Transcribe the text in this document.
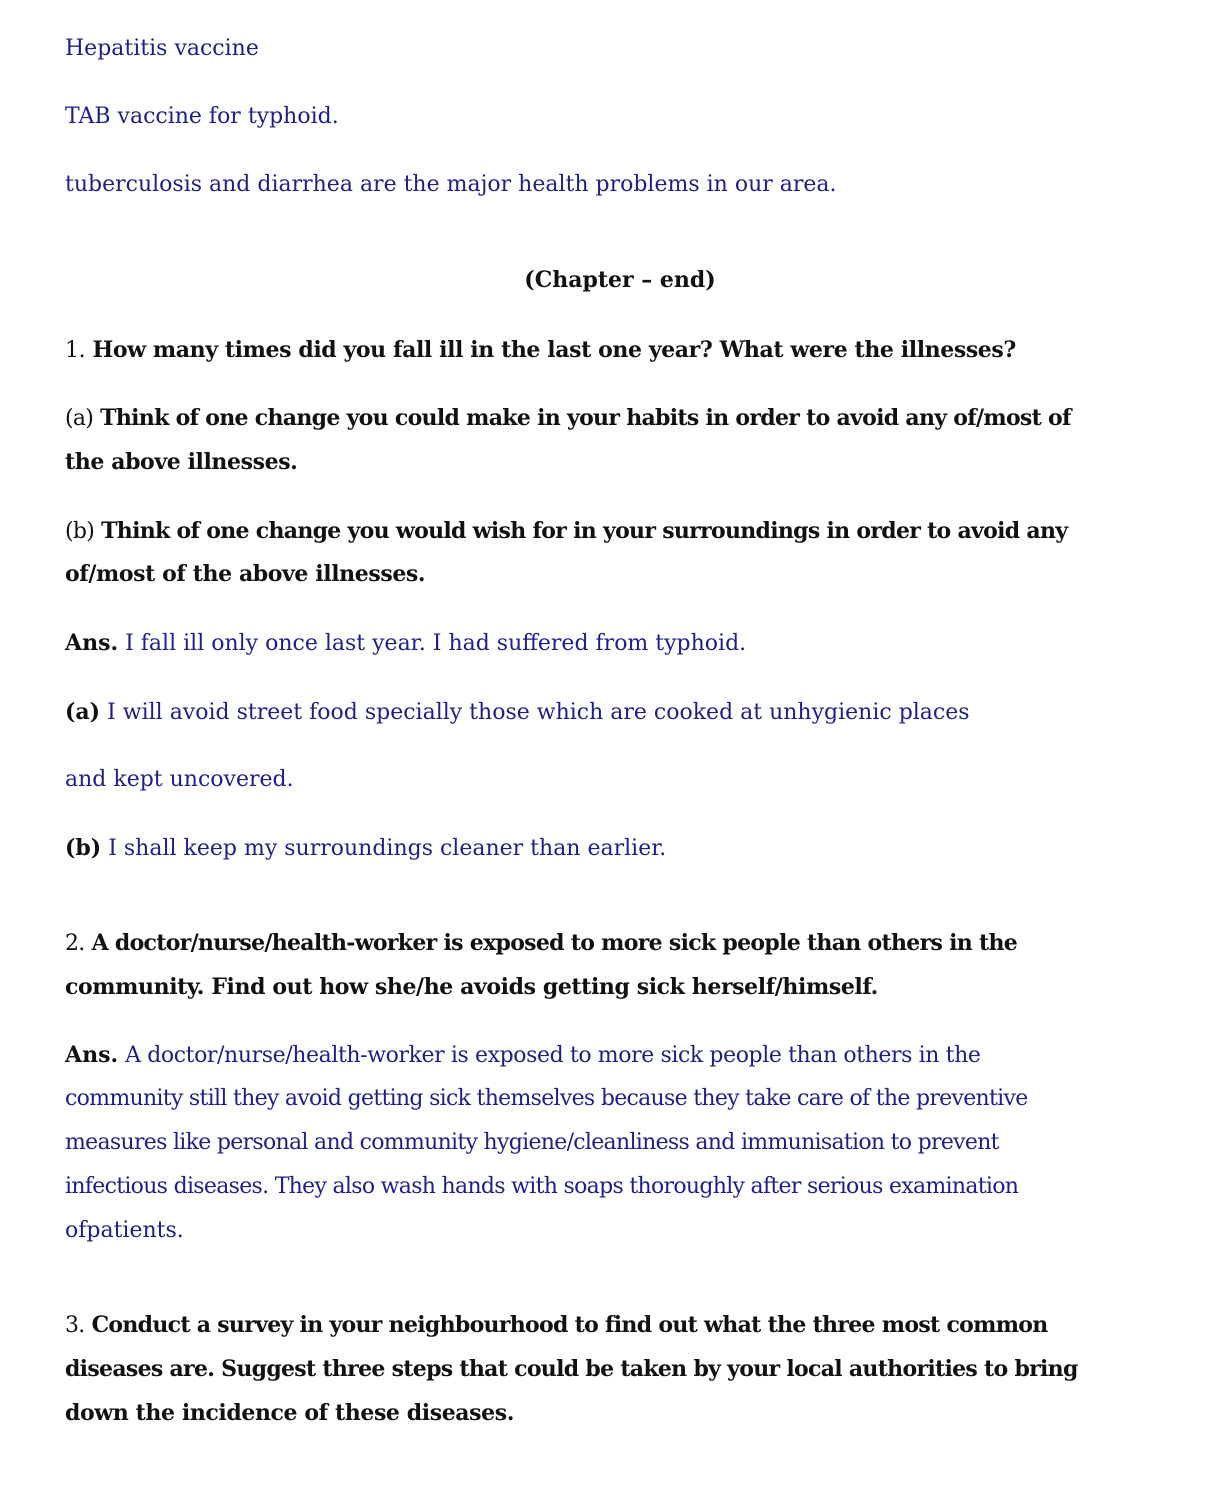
Hepatitis vaccine
TAB vaccine for typhoid.
tuberculosis and diarrhea are the major health problems in our area.
(Chapter – end)
1. How many times did you fall ill in the last one year? What were the illnesses?
(a) Think of one change you could make in your habits in order to avoid any of/most of
the above illnesses.
(b) Think of one change you would wish for in your surroundings in order to avoid any
of/most of the above illnesses.
Ans. I fall ill only once last year. I had suffered from typhoid.
(a) I will avoid street food specially those which are cooked at unhygienic places
and kept uncovered.
(b) I shall keep my surroundings cleaner than earlier.
2. A doctor/nurse/health-worker is exposed to more sick people than others in the
community. Find out how she/he avoids getting sick herself/himself.
Ans. A doctor/nurse/health-worker is exposed to more sick people than others in the
community still they avoid getting sick themselves because they take care of the preventive
measures like personal and community hygiene/cleanliness and immunisation to prevent
infectious diseases. They also wash hands with soaps thoroughly after serious examination
ofpatients.
3. Conduct a survey in your neighbourhood to find out what the three most common
diseases are. Suggest three steps that could be taken by your local authorities to bring
down the incidence of these diseases.
